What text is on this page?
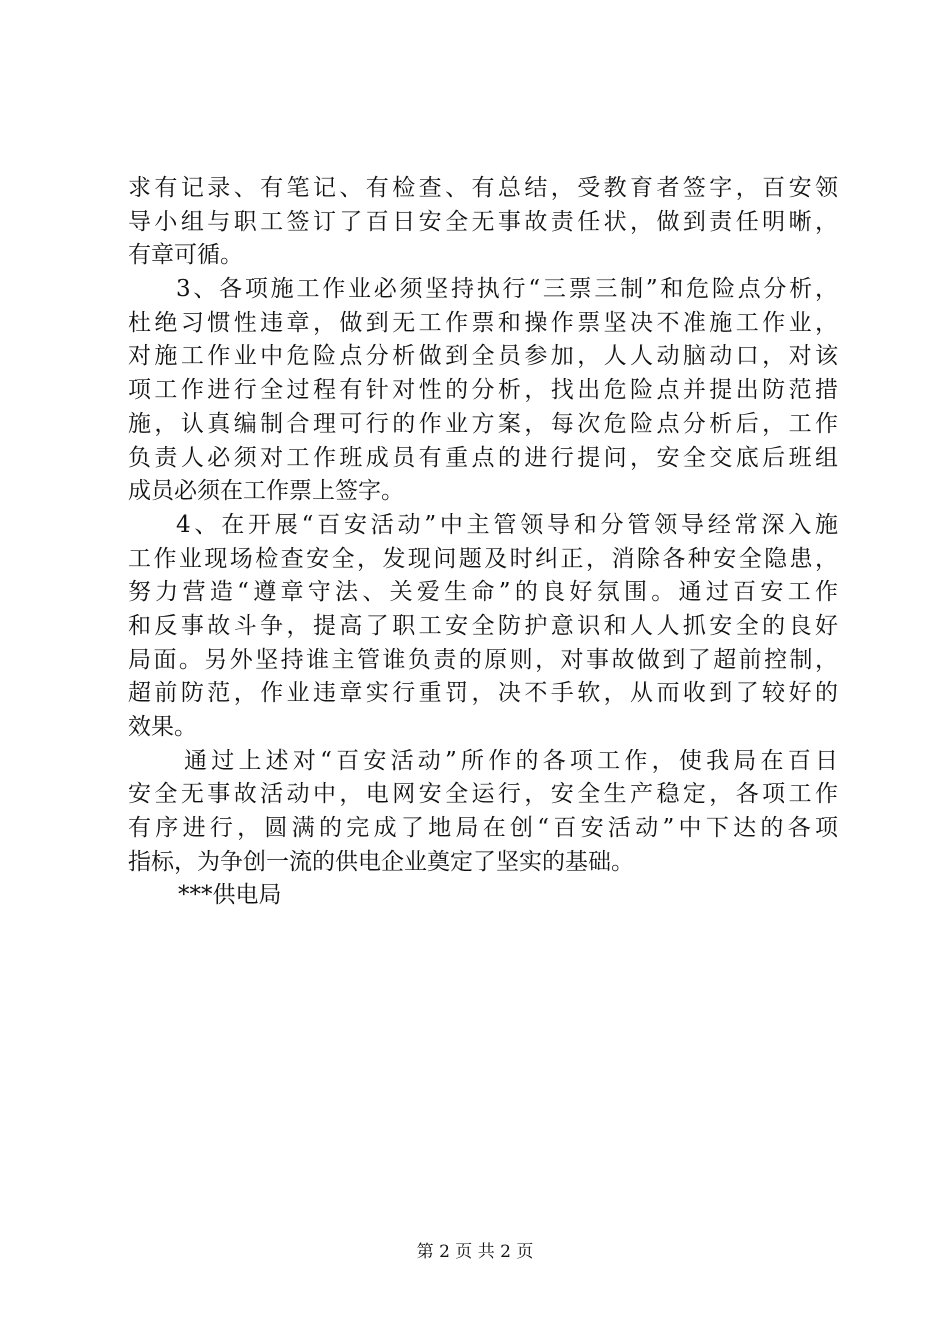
求有记录、有笔记、有检查、有总结，受教育者签字，百安领
导小组与职工签订了百日安全无事故责任状，做到责任明晰，
有章可循。
3、各项施工作业必须坚持执行“三票三制”和危险点分析，
杜绝习惯性违章，做到无工作票和操作票坚决不准施工作业，
对施工作业中危险点分析做到全员参加，人人动脑动口，对该
项工作进行全过程有针对性的分析，找出危险点并提出防范措
施，认真编制合理可行的作业方案，每次危险点分析后，工作
负责人必须对工作班成员有重点的进行提问，安全交底后班组
成员必须在工作票上签字。
4、在开展“百安活动”中主管领导和分管领导经常深入施
工作业现场检查安全，发现问题及时纠正，消除各种安全隐患，
努力营造“遵章守法、关爱生命”的良好氛围。通过百安工作
和反事故斗争，提高了职工安全防护意识和人人抓安全的良好
局面。另外坚持谁主管谁负责的原则，对事故做到了超前控制，
超前防范，作业违章实行重罚，决不手软，从而收到了较好的
效果。
通过上述对“百安活动”所作的各项工作，使我局在百日
安全无事故活动中，电网安全运行，安全生产稳定，各项工作
有序进行，圆满的完成了地局在创“百安活动”中下达的各项
指标，为争创一流的供电企业奠定了坚实的基础。
***供电局
第 2 页 共 2 页
